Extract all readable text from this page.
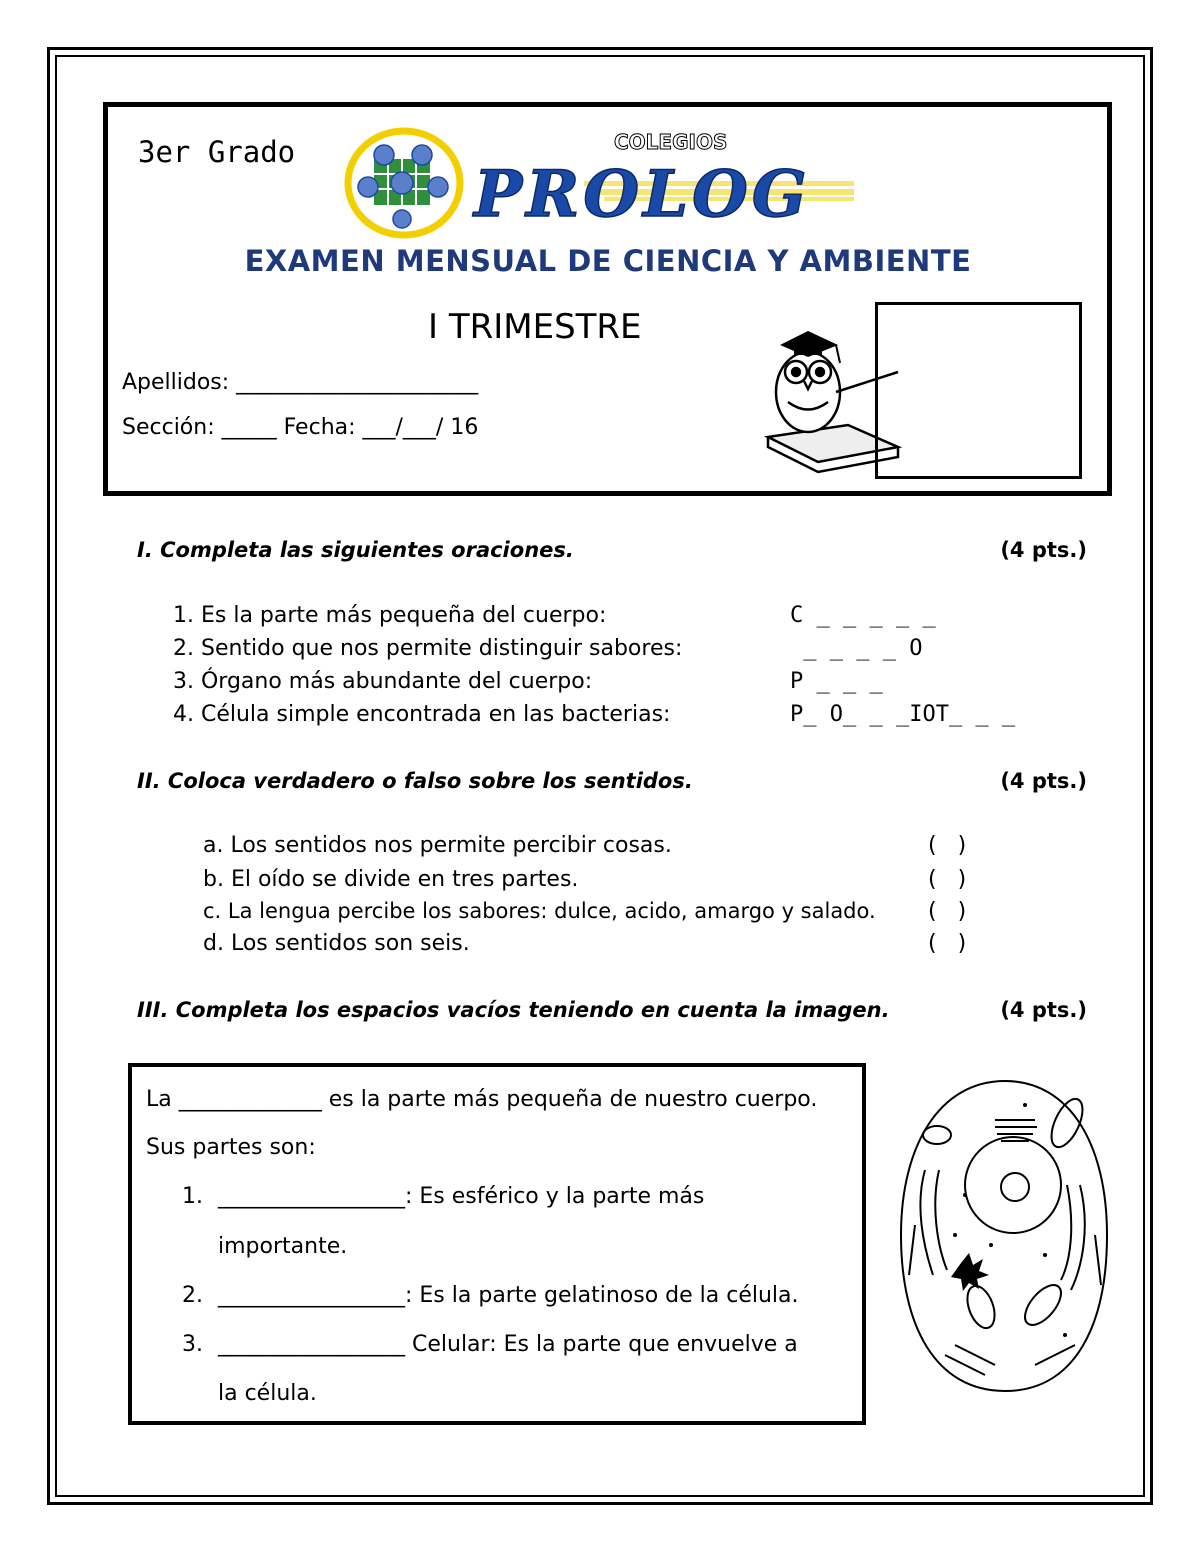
3er Grado	COLEGIOS
PROLOG
EXAMEN MENSUAL DE CIENCIA Y AMBIENTE
I TRIMESTRE
Apellidos: ______________________
Sección: _____ Fecha: ___/___/ 16
I. Completa las siguientes oraciones.	(4 pts.)
1. Es la parte más pequeña del cuerpo:	C _ _ _ _ _
2. Sentido que nos permite distinguir sabores:	_ _ _ _ O
3. Órgano más abundante del cuerpo:	P _ _ _
4. Célula simple encontrada en las bacterias:	P_ O_ _ _IOT_ _ _
II. Coloca verdadero o falso sobre los sentidos.	(4 pts.)
a. Los sentidos nos permite percibir cosas.	(   )
b. El oído se divide en tres partes.	(   )
c. La lengua percibe los sabores: dulce, acido, amargo y salado. (   )
d. Los sentidos son seis.	(   )
III. Completa los espacios vacíos teniendo en cuenta la imagen.	(4 pts.)
La _____________ es la parte más pequeña de nuestro cuerpo.
Sus partes son:
1. _________________: Es esférico y la parte más
importante.
2. _________________: Es la parte gelatinoso de la célula.
3. _________________ Celular: Es la parte que envuelve a
la célula.
